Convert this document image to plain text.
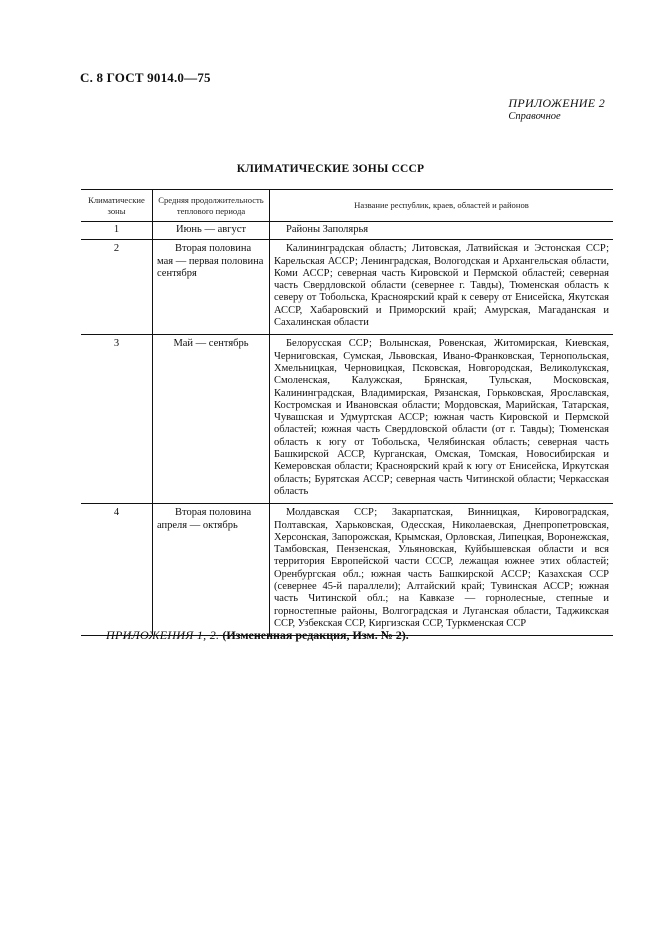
С. 8 ГОСТ 9014.0—75
ПРИЛОЖЕНИЕ 2
Справочное
КЛИМАТИЧЕСКИЕ ЗОНЫ СССР
Климатические зоны	Средняя продолжительность теплового периода	Название республик, краев, областей и районов
1	Июнь — август	Районы Заполярья
2	Вторая половина мая — первая половина сентября	Калининградская область; Литовская, Латвийская и Эстонская ССР; Карельская АССР; Ленинградская, Вологодская и Архангельская области, Коми АССР; северная часть Кировской и Пермской областей; северная часть Свердловской области (севернее г. Тавды), Тюменская область к северу от Тобольска, Красноярский край к северу от Енисейска, Якутская АССР, Хабаровский и Приморский край; Амурская, Магаданская и Сахалинская области
3	Май — сентябрь	Белорусская ССР; Волынская, Ровенская, Житомирская, Киевская, Черниговская, Сумская, Львовская, Ивано-Франковская, Тернопольская, Хмельницкая, Черновицкая, Псковская, Новгородская, Великолукская, Смоленская, Калужская, Брянская, Тульская, Московская, Калининградская, Владимирская, Рязанская, Горьковская, Ярославская, Костромская и Ивановская области; Мордовская, Марийская, Татарская, Чувашская и Удмуртская АССР; южная часть Кировской и Пермской областей; южная часть Свердловской области (от г. Тавды); Тюменская область к югу от Тобольска, Челябинская область; северная часть Башкирской АССР, Курганская, Омская, Томская, Новосибирская и Кемеровская области; Красноярский край к югу от Енисейска, Иркутская область; Бурятская АССР; северная часть Читинской области; Черкасская область
4	Вторая половина апреля — октябрь	Молдавская ССР; Закарпатская, Винницкая, Кировоградская, Полтавская, Харьковская, Одесская, Николаевская, Днепропетровская, Херсонская, Запорожская, Крымская, Орловская, Липецкая, Воронежская, Тамбовская, Пензенская, Ульяновская, Куйбышевская области и вся территория Европейской части СССР, лежащая южнее этих областей; Оренбургская обл.; южная часть Башкирской АССР; Казахская ССР (севернее 45-й параллели); Алтайский край; Тувинская АССР; южная часть Читинской обл.; на Кавказе — горнолесные, степные и горностепные районы, Волгоградская и Луганская области, Таджикская ССР, Узбекская ССР, Киргизская ССР, Туркменская ССР
ПРИЛОЖЕНИЯ 1, 2. (Измененная редакция, Изм. № 2).
